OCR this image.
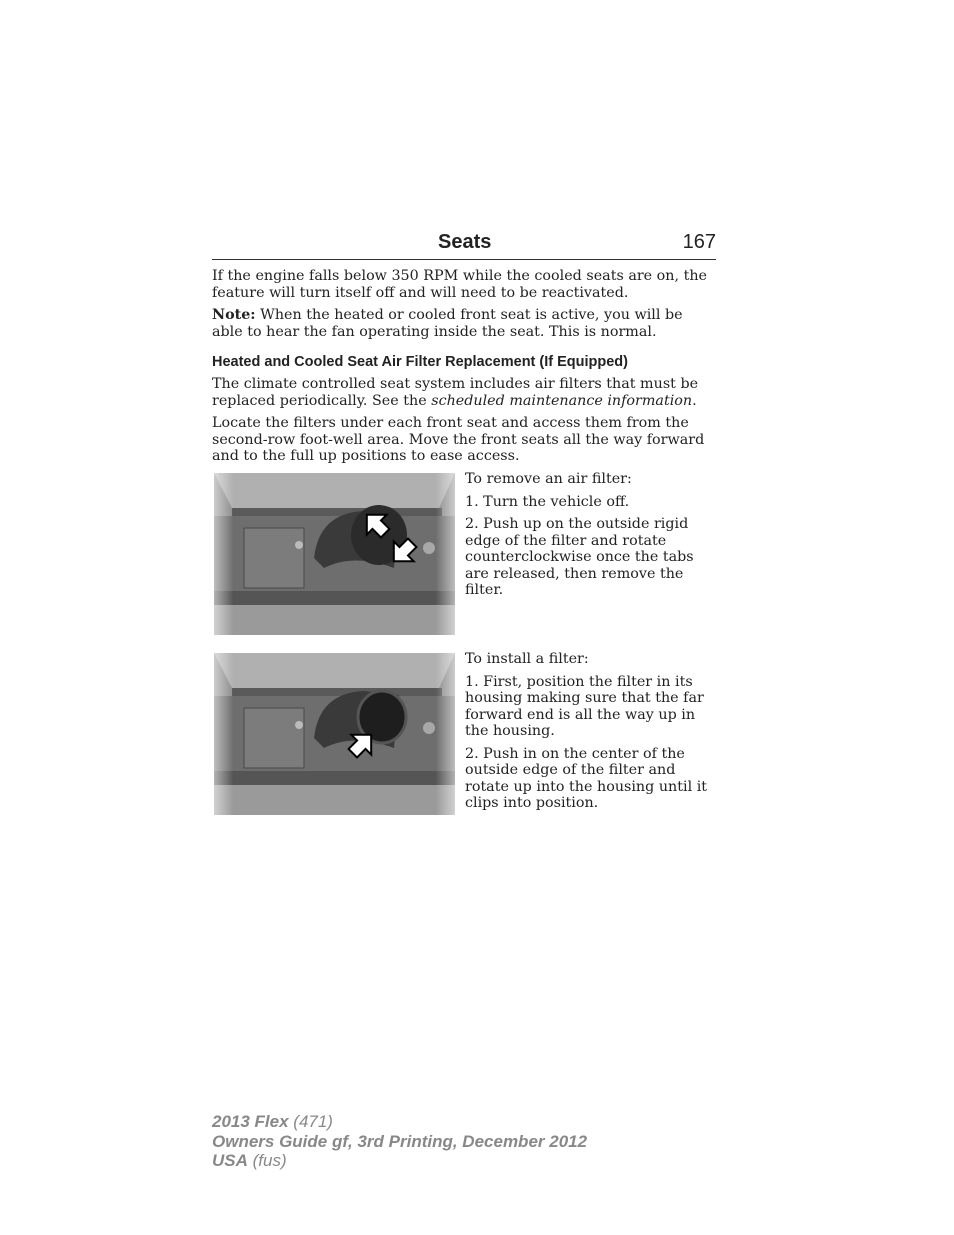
Seats	167

If the engine falls below 350 RPM while the cooled seats are on, the feature will turn itself off and will need to be reactivated.

Note: When the heated or cooled front seat is active, you will be able to hear the fan operating inside the seat. This is normal.

Heated and Cooled Seat Air Filter Replacement (If Equipped)

The climate controlled seat system includes air filters that must be replaced periodically. See the scheduled maintenance information.

Locate the filters under each front seat and access them from the second-row foot-well area. Move the front seats all the way forward and to the full up positions to ease access.

To remove an air filter:

1. Turn the vehicle off.

2. Push up on the outside rigid edge of the filter and rotate counterclockwise once the tabs are released, then remove the filter.

To install a filter:

1. First, position the filter in its housing making sure that the far forward end is all the way up in the housing.

2. Push in on the center of the outside edge of the filter and rotate up into the housing until it clips into position.

2013 Flex (471)
Owners Guide gf, 3rd Printing, December 2012
USA (fus)
